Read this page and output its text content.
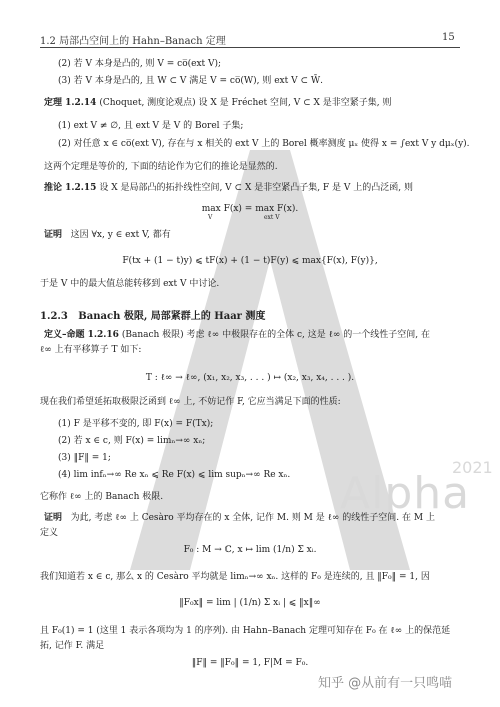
Alpha
2021
1.2 局部凸空间上的 Hahn–Banach 定理	15
(2) 若 V 本身是凸的, 则 V = co̅(ext V);
(3) 若 V 本身是凸的, 且 W ⊂ V 满足 V = co̅(W), 则 ext V ⊂ W̄.
定理 1.2.14 (Choquet, 测度论观点) 设 X 是 Fréchet 空间, V ⊂ X 是非空紧子集, 则
(1) ext V ≠ ∅, 且 ext V 是 V 的 Borel 子集;
(2) 对任意 x ∈ co̅(ext V), 存在与 x 相关的 ext V 上的 Borel 概率测度 μₓ 使得 x = ∫ext V y dμₓ(y).
这两个定理是等价的, 下面的结论作为它们的推论是显然的.
推论 1.2.15 设 X 是局部凸的拓扑线性空间, V ⊂ X 是非空紧凸子集, F 是 V 上的凸泛函, 则
max F(x) = max F(x).
V	ext V
证明 这因 ∀x, y ∈ ext V, 都有
F(tx + (1 − t)y) ⩽ tF(x) + (1 − t)F(y) ⩽ max{F(x), F(y)},
于是 V 中的最大值总能转移到 ext V 中讨论.
1.2.3 Banach 极限, 局部紧群上的 Haar 测度
定义–命题 1.2.16 (Banach 极限) 考虑 ℓ∞ 中极限存在的全体 c, 这是 ℓ∞ 的一个线性子空间, 在
ℓ∞ 上有平移算子 T 如下:
T : ℓ∞ → ℓ∞, (x₁, x₂, x₃, . . . ) ↦ (x₂, x₃, x₄, . . . ).
现在我们希望延拓取极限泛函到 ℓ∞ 上, 不妨记作 F, 它应当满足下面的性质:
(1) F 是平移不变的, 即 F(x) = F(Tx);
(2) 若 x ∈ c, 则 F(x) = limₙ→∞ xₙ;
(3) ‖F‖ = 1;
(4) lim infₙ→∞ Re xₙ ⩽ Re F(x) ⩽ lim supₙ→∞ Re xₙ.
它称作 ℓ∞ 上的 Banach 极限.
证明 为此, 考虑 ℓ∞ 上 Cesàro 平均存在的 x 全体, 记作 M. 则 M 是 ℓ∞ 的线性子空间. 在 M 上
定义
F₀ : M → ℂ, x ↦ lim (1/n) Σ xᵢ.
我们知道若 x ∈ c, 那么 x 的 Cesàro 平均就是 limₙ→∞ xₙ. 这样的 F₀ 是连续的, 且 ‖F₀‖ = 1, 因
‖F₀x‖ = lim | (1/n) Σ xᵢ | ⩽ ‖x‖∞
且 F₀(1) = 1 (这里 1 表示各项均为 1 的序列). 由 Hahn–Banach 定理可知存在 F₀ 在 ℓ∞ 上的保范延
拓, 记作 F. 满足
‖F‖ = ‖F₀‖ = 1, F|M = F₀.
知乎 @从前有一只鸣喵
